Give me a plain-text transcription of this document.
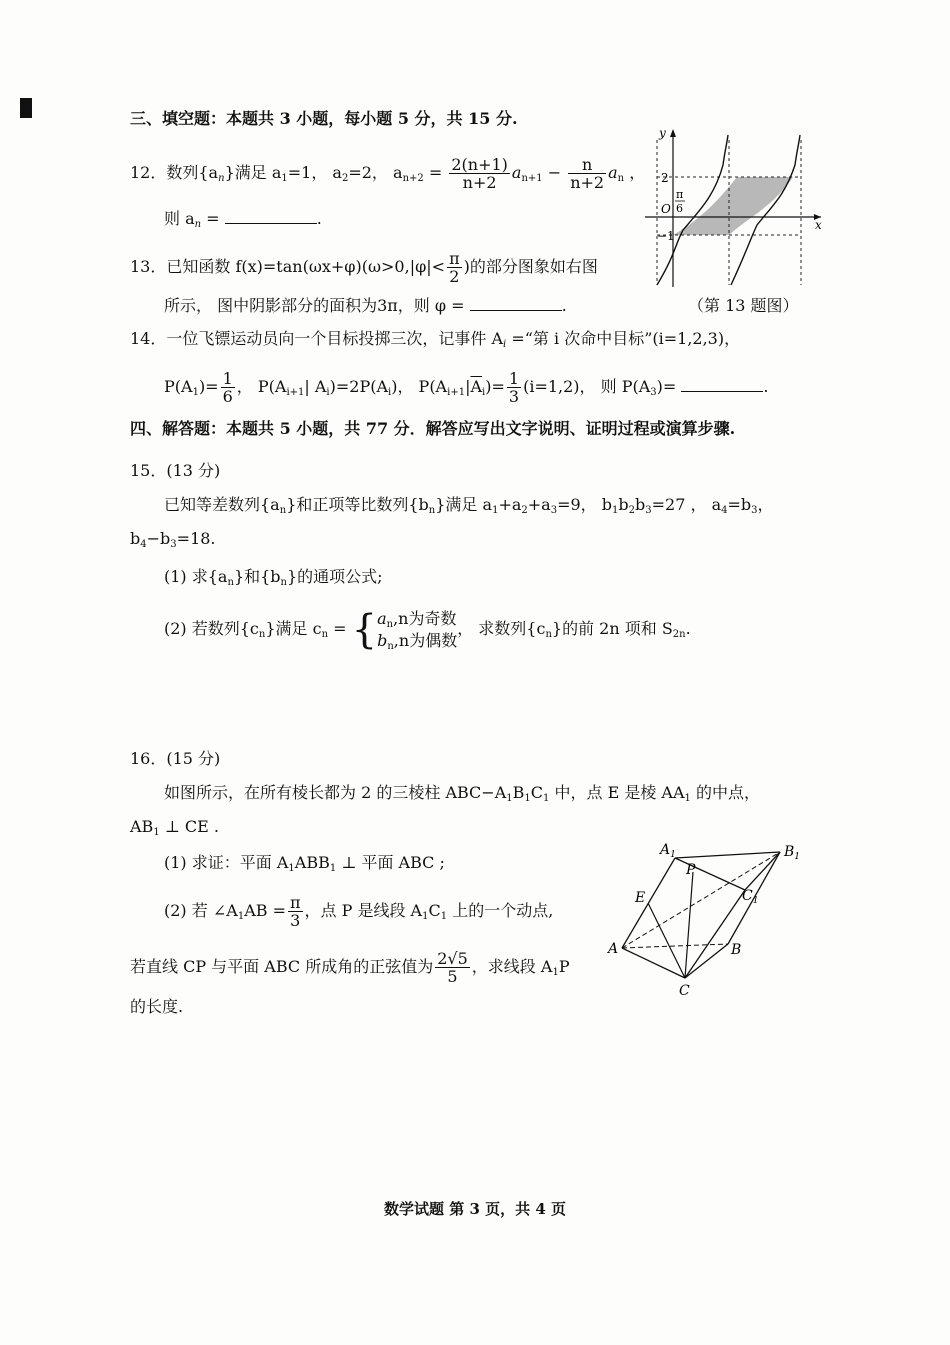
三、填空题：本题共 3 小题，每小题 5 分，共 15 分.
12．数列$\{a_n\}$满足 $a_1=1$， $a_2=2$， $a_{n+2} = \frac{2(n+1)}{n+2} a_{n+1} - \frac{n}{n+2} a_n$ ，
则 $a_n$ =	.
13．已知函数 $f(x)=\tan(\omega x+\varphi)(\omega>0,|\varphi|< \frac{\pi}{2}$ )的部分图象如右图
所示， 图中阴影部分的面积为3π，则 φ =	.	（第 13 题图）
y
x
O
2
−1
π
6
14．一位飞镖运动员向一个目标投掷三次，记事件 $A_i$ =“第 i 次命中目标”(i=1,2,3)，
$P(A_1)= \frac{1}{6}$ ， $P(A_{i+1}|$ $A_i)=2P(A_i)$， $P(A_{i+1}|\overline{A}_i)= \frac{1}{3} (i=1,2)$， 则 $P(A_3)=$	.
四、解答题：本题共 5 小题，共 77 分．解答应写出文字说明、证明过程或演算步骤.
15．(13 分)
已知等差数列$\{a_n\}$和正项等比数列$\{b_n\}$满足 $a_1+a_2+a_3=9$， $b_1b_2b_3=27$ ， $a_4=b_3$，
$b_4-b_3=18$.
(1) 求$\{a_n\}$和$\{b_n\}$的通项公式;
(2) 若数列$\{c_n\}$满足 $c_n$ = { $a_n,n$为奇数
$b_n,n$为偶数
， 求数列$\{c_n\}$的前 2n 项和 $S_{2n}$.
16．(15 分)
如图所示，在所有棱长都为 2 的三棱柱 $ABC-A_1B_1C_1$ 中，点 E 是棱 $AA_1$ 的中点，
$AB_1$ ⊥ CE .
(1) 求证：平面 $A_1ABB_1$ ⊥ 平面 ABC ;
(2) 若 $\angle A_1AB = \frac{\pi}{3}$ ，点 P 是线段 $A_1C_1$ 上的一个动点,
若直线 CP 与平面 ABC 所成角的正弦值为 $\frac{2√5}{5}$ ，求线段 $A_1P$
的长度.
$A_1$	$B_1$
$C_1$
E
P
A	B
C
数学试题 第 3 页，共 4 页
